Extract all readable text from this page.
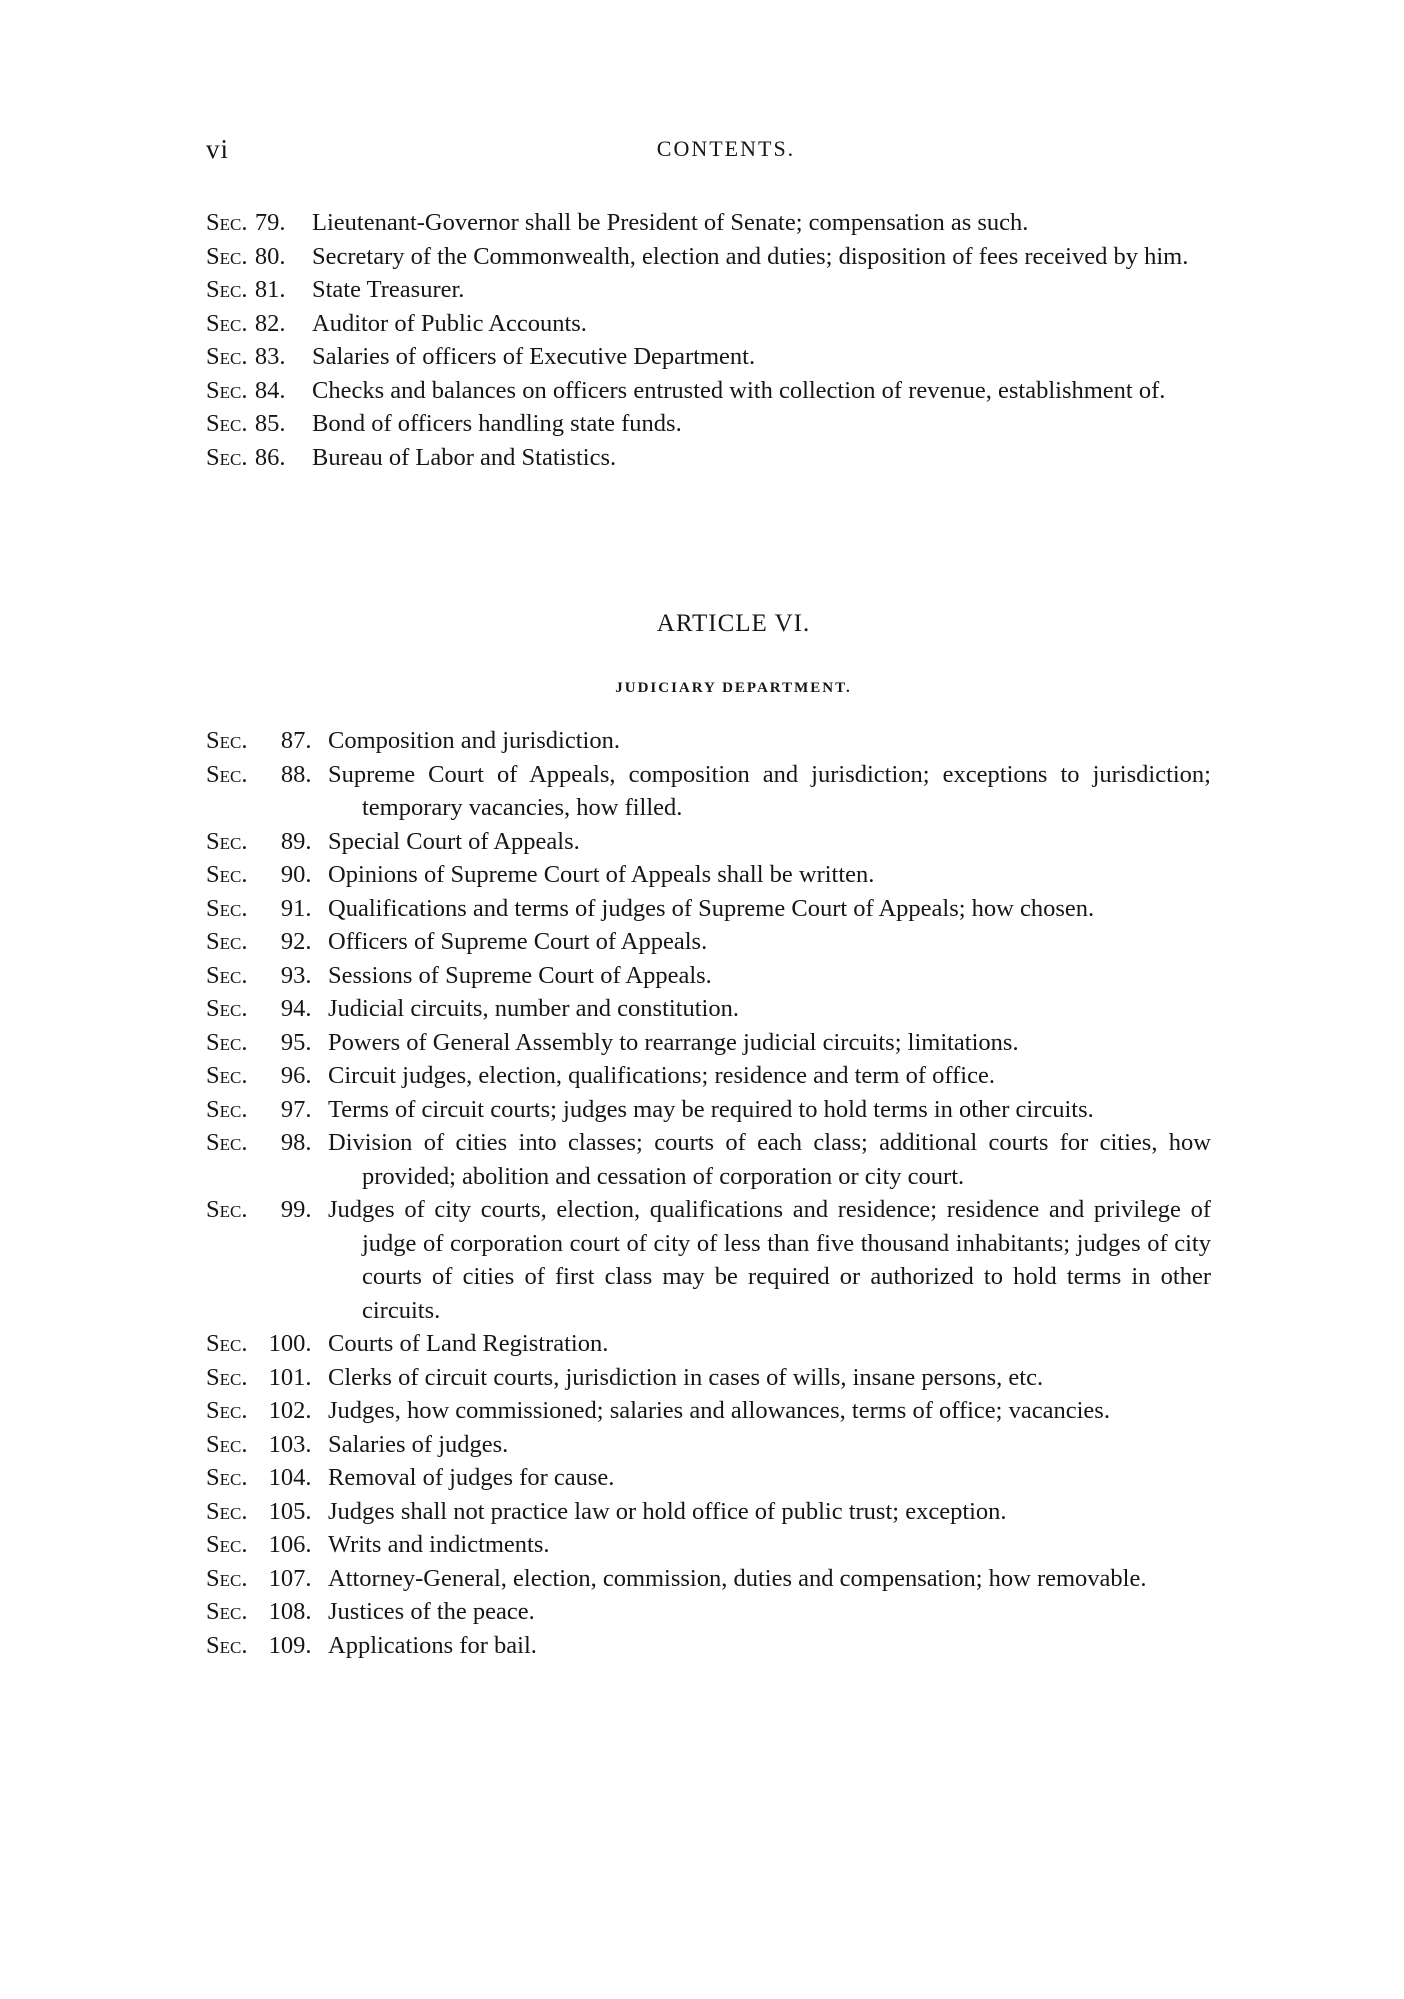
vi	CONTENTS.
Sec. 79. Lieutenant-Governor shall be President of Senate; compensation as such.
Sec. 80. Secretary of the Commonwealth, election and duties; disposition of fees received by him.
Sec. 81. State Treasurer.
Sec. 82. Auditor of Public Accounts.
Sec. 83. Salaries of officers of Executive Department.
Sec. 84. Checks and balances on officers entrusted with collection of revenue, establishment of.
Sec. 85. Bond of officers handling state funds.
Sec. 86. Bureau of Labor and Statistics.
ARTICLE VI.
JUDICIARY DEPARTMENT.
Sec. 87. Composition and jurisdiction.
Sec. 88. Supreme Court of Appeals, composition and jurisdiction; exceptions to jurisdiction; temporary vacancies, how filled.
Sec. 89. Special Court of Appeals.
Sec. 90. Opinions of Supreme Court of Appeals shall be written.
Sec. 91. Qualifications and terms of judges of Supreme Court of Appeals; how chosen.
Sec. 92. Officers of Supreme Court of Appeals.
Sec. 93. Sessions of Supreme Court of Appeals.
Sec. 94. Judicial circuits, number and constitution.
Sec. 95. Powers of General Assembly to rearrange judicial circuits; limitations.
Sec. 96. Circuit judges, election, qualifications; residence and term of office.
Sec. 97. Terms of circuit courts; judges may be required to hold terms in other circuits.
Sec. 98. Division of cities into classes; courts of each class; additional courts for cities, how provided; abolition and cessation of corporation or city court.
Sec. 99. Judges of city courts, election, qualifications and residence; residence and privilege of judge of corporation court of city of less than five thousand inhabitants; judges of city courts of cities of first class may be required or authorized to hold terms in other circuits.
Sec. 100. Courts of Land Registration.
Sec. 101. Clerks of circuit courts, jurisdiction in cases of wills, insane persons, etc.
Sec. 102. Judges, how commissioned; salaries and allowances, terms of office; vacancies.
Sec. 103. Salaries of judges.
Sec. 104. Removal of judges for cause.
Sec. 105. Judges shall not practice law or hold office of public trust; exception.
Sec. 106. Writs and indictments.
Sec. 107. Attorney-General, election, commission, duties and compensation; how removable.
Sec. 108. Justices of the peace.
Sec. 109. Applications for bail.
